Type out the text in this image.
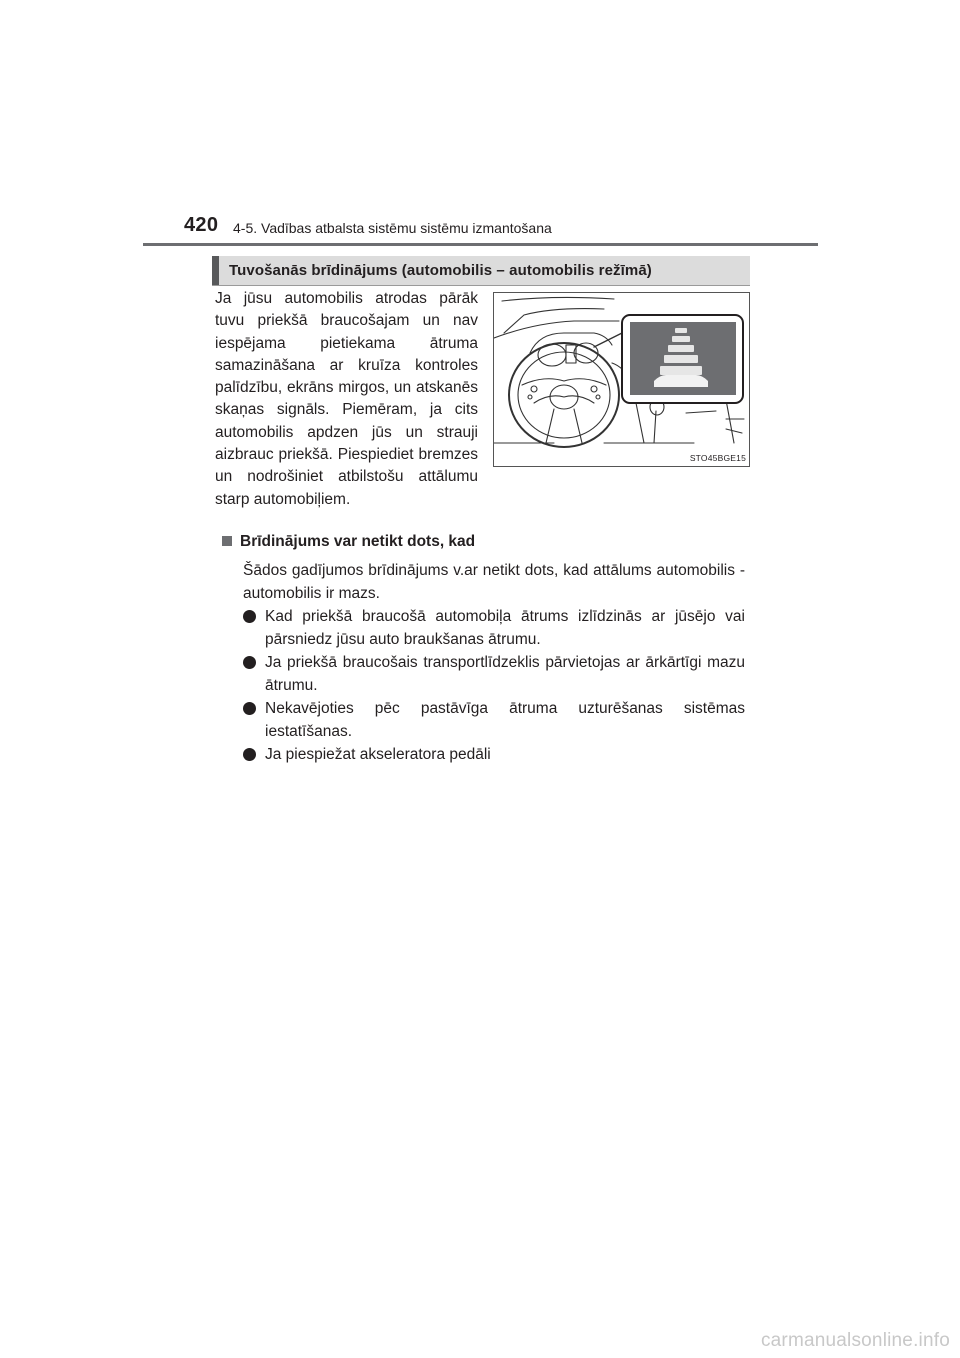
420 4-5. Vadības atbalsta sistēmu sistēmu izmantošana
Tuvošanās brīdinājums (automobilis – automobilis režīmā)
Ja jūsu automobilis atrodas pārāk tuvu priekšā braucošajam un nav iespējama pietiekama ātruma samazināšana ar kruīza kontroles palīdzību, ekrāns mirgos, un atskanēs skaņas signāls. Piemēram, ja cits automobilis apdzen jūs un strauji aizbrauc priekšā. Piespiediet bremzes un nodrošiniet atbilstošu attālumu starp automobiļiem.
STO45BGE15
Brīdinājums var netikt dots, kad
Šādos gadījumos brīdinājums v.ar netikt dots, kad attālums automobilis - automobilis ir mazs.
Kad priekšā braucošā automobiļa ātrums izlīdzinās ar jūsējo vai pārsniedz jūsu auto braukšanas ātrumu.
Ja priekšā braucošais transportlīdzeklis pārvietojas ar ārkārtīgi mazu ātrumu.
Nekavējoties pēc pastāvīga ātruma uzturēšanas sistēmas iestatīšanas.
Ja piespiežat akseleratora pedāli
carmanualsonline.info
